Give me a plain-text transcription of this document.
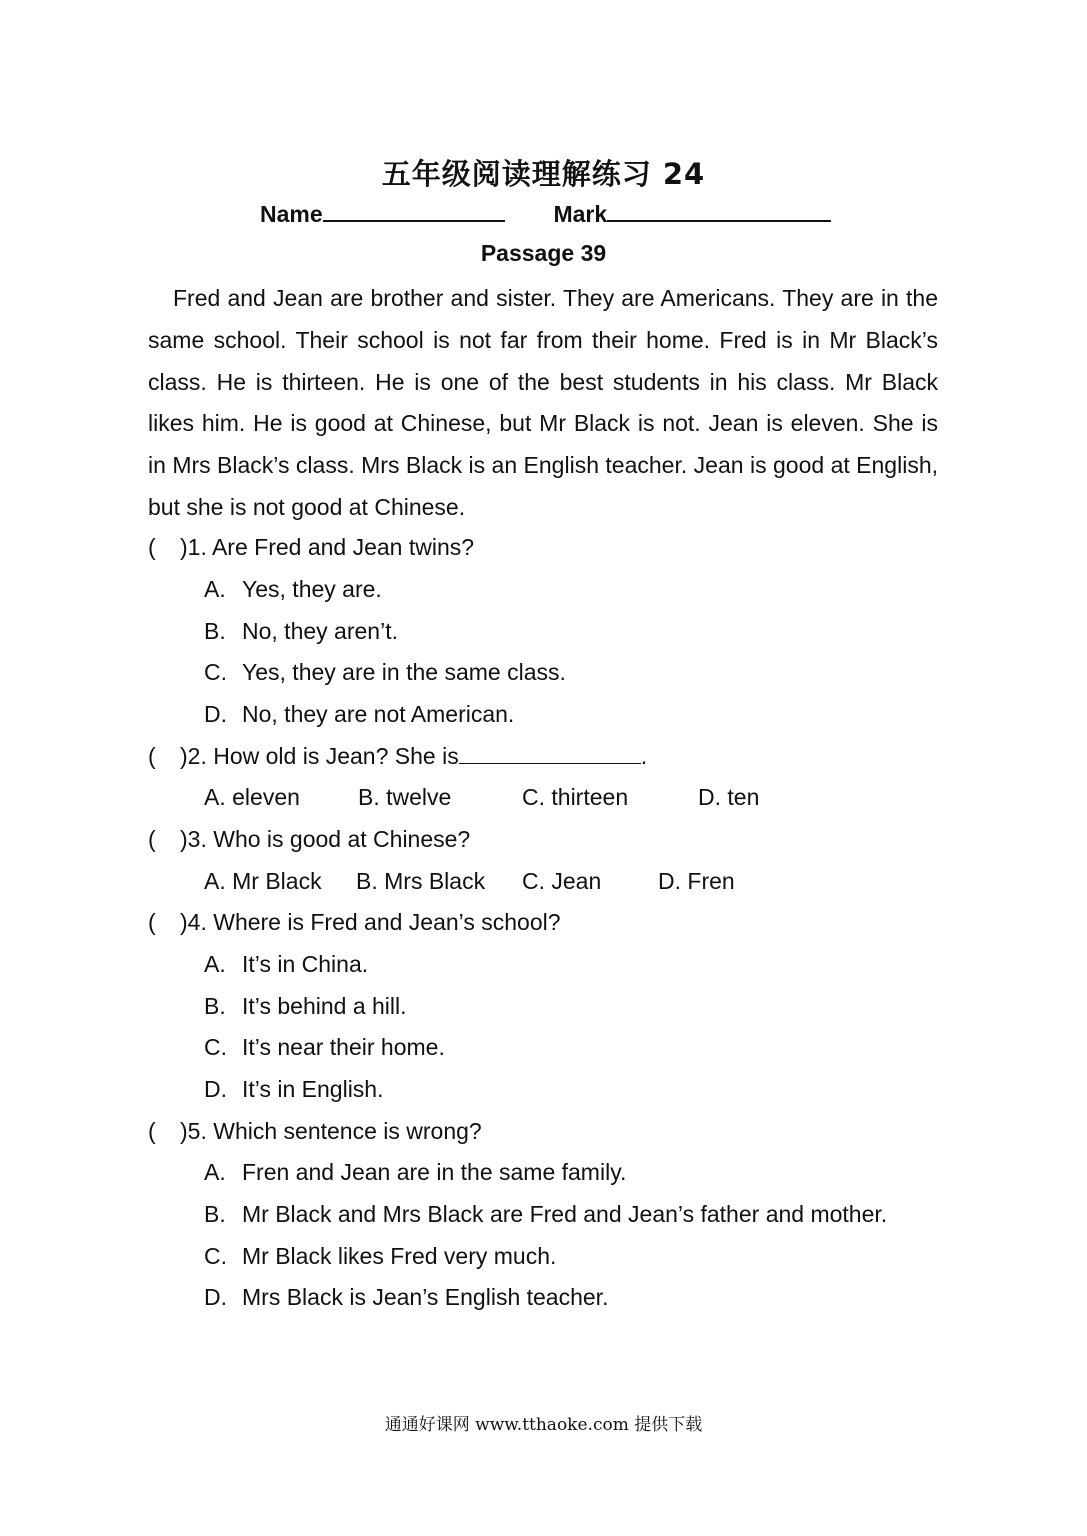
五年级阅读理解练习 24
Name	Mark
Passage 39
Fred and Jean are brother and sister. They are Americans. They are in the same school. Their school is not far from their home. Fred is in Mr Black’s class. He is thirteen. He is one of the best students in his class. Mr Black likes him. He is good at Chinese, but Mr Black is not. Jean is eleven. She is in Mrs Black’s class. Mrs Black is an English teacher. Jean is good at English, but she is not good at Chinese.
( )1. Are Fred and Jean twins?
A. Yes, they are.
B. No, they aren’t.
C. Yes, they are in the same class.
D. No, they are not American.
( )2. How old is Jean? She is	.
A. eleven	B. twelve	C. thirteen	D. ten
( )3. Who is good at Chinese?
A. Mr Black B. Mrs Black C. Jean D. Fren
( )4. Where is Fred and Jean’s school?
A. It’s in China.
B. It’s behind a hill.
C. It’s near their home.
D. It’s in English.
( )5. Which sentence is wrong?
A. Fren and Jean are in the same family.
B. Mr Black and Mrs Black are Fred and Jean’s father and mother.
C. Mr Black likes Fred very much.
D. Mrs Black is Jean’s English teacher.
通通好课网 www.tthaoke.com 提供下载
